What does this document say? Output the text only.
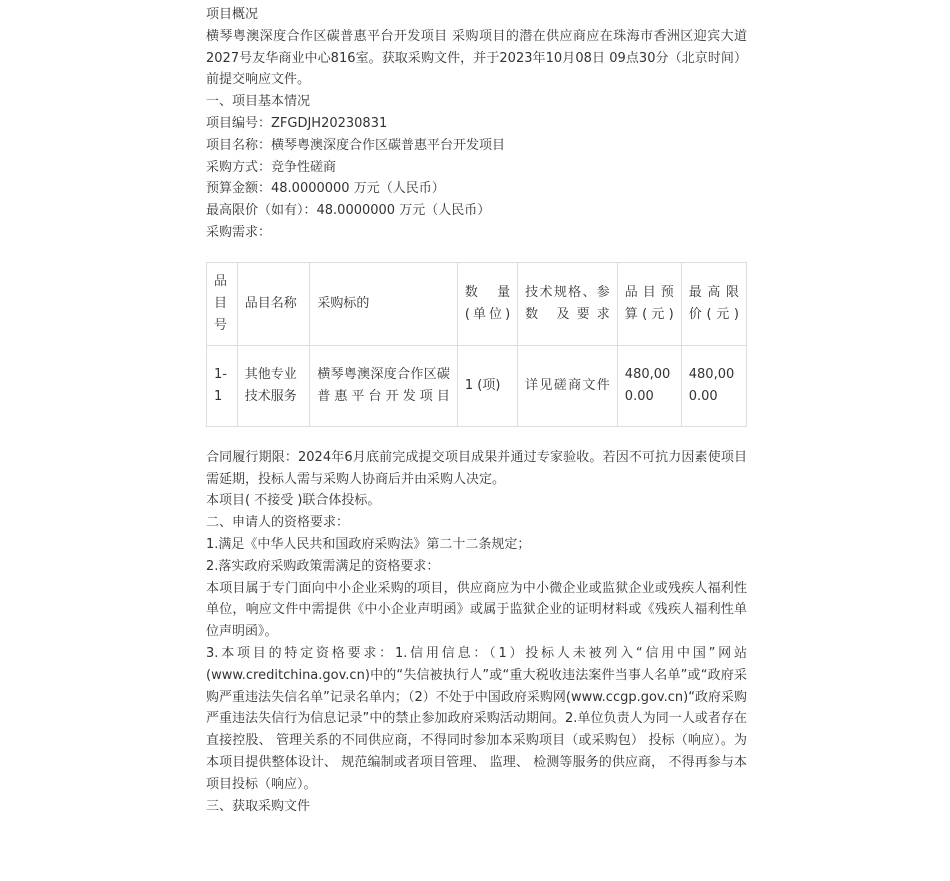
项目概况

横琴粤澳深度合作区碳普惠平台开发项目 采购项目的潜在供应商应在珠海市香洲区迎宾大道2027号友华商业中心816室。获取采购文件，并于2023年10月08日 09点30分（北京时间）前提交响应文件。

一、项目基本情况

项目编号：ZFGDJH20230831

项目名称：横琴粤澳深度合作区碳普惠平台开发项目

采购方式：竞争性磋商

预算金额：48.0000000 万元（人民币）

最高限价（如有）：48.0000000 万元（人民币）

采购需求：

品目号	品目名称	采购标的	数　量(单位)	技术规格、参数 及要求	品目预算(元)	最高限价(元)
1-1	其他专业技术服务	横琴粤澳深度合作区碳普惠平台开发项目	1 (项)	详见磋商文件	480,000.00	480,000.00

合同履行期限：2024年6月底前完成提交项目成果并通过专家验收。若因不可抗力因素使项目需延期，投标人需与采购人协商后并由采购人决定。

本项目( 不接受 )联合体投标。

二、申请人的资格要求：

1.满足《中华人民共和国政府采购法》第二十二条规定；

2.落实政府采购政策需满足的资格要求：

本项目属于专门面向中小企业采购的项目，供应商应为中小微企业或监狱企业或残疾人福利性单位，响应文件中需提供《中小企业声明函》或属于监狱企业的证明材料或《残疾人福利性单位声明函》。

3.本项目的特定资格要求：1.信用信息：（1）投标人未被列入“信用中国”网站(www.creditchina.gov.cn)中的“失信被执行人”或“重大税收违法案件当事人名单”或“政府采购严重违法失信名单”记录名单内；（2）不处于中国政府采购网(www.ccgp.gov.cn)“政府采购严重违法失信行为信息记录”中的禁止参加政府采购活动期间。2.单位负责人为同一人或者存在直接控股、 管理关系的不同供应商，不得同时参加本采购项目（或采购包） 投标（响应）。为本项目提供整体设计、 规范编制或者项目管理、 监理、 检测等服务的供应商， 不得再参与本项目投标（响应）。

三、获取采购文件
